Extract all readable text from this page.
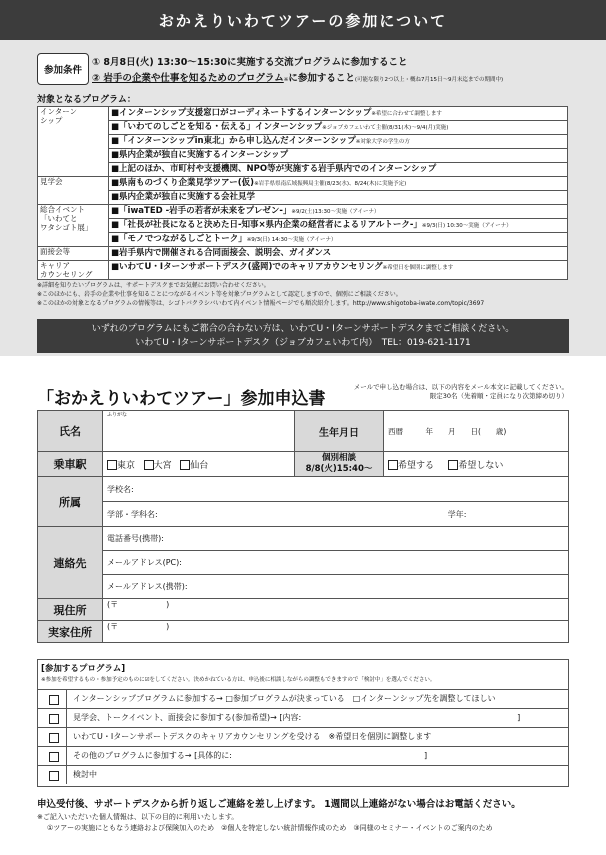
おかえりいわてツアーの参加について
参加条件
① 8月8日(火) 13:30〜15:30に実施する交流プログラムに参加すること
② 岩手の企業や仕事を知るためのプログラム※に参加すること(可能な限り2つ以上・概ね7月15日〜9月末迄までの期間中)
対象となるプログラム：
インターン
シップ	■インターンシップ支援窓口がコーディネートするインターンシップ※希望に合わせて調整します

	■「いわてのしごとを知る・伝える」インターンシップ※ジョブカフェいわて主催(8/31(木)〜9/4(月)実施)

	■「インターンシップin東北」から申し込んだインターンシップ※対象大学の学生の方

	■県内企業が独自に実施するインターンシップ

	■上記のほか、市町村や支援機関、NPO等が実施する岩手県内でのインターンシップ

見学会	■県南ものづくり企業見学ツアー(仮)※岩手県県南広域振興局主催(8/23(水)、8/24(木)に実施予定)

	■県内企業が独自に実施する会社見学

総合イベント
「いわてと
ワタシゴト展」	■「iwaTED -岩手の若者が未来をプレゼン-」※9/2(土)13:30〜実施（アイーナ）

	■「社長が社長になると決めた日-知事×県内企業の経営者によるリアルトーク-」※9/3(日) 10:30〜実施（アイーナ）

	■「モノでつながるしごとトーク」※9/3(日) 14:30〜実施（アイーナ）

面接会等	■岩手県内で開催される合同面接会、説明会、ガイダンス

キャリア
カウンセリング	■いわてU・Iターンサポートデスク(盛岡)でのキャリアカウンセリング※希望日を個別に調整します
※詳細を知りたいプログラムは、サポートデスクまでお気軽にお問い合わせください。
※このほかにも、岩手の企業や仕事を知ることにつながるイベント等を対象プログラムとして認定しますので、個別にご相談ください。
※このほかの対象となるプログラムの情報等は、シゴトバクラシバいわて内イベント情報ページでも順次紹介します。http://www.shigotoba-iwate.com/topic/3697
いずれのプログラムにもご都合の合わない方は、いわてU・Iターンサポートデスクまでご相談ください。
いわてU・Iターンサポートデスク（ジョブカフェいわて内）　TEL：019-621-1171
「おかえりいわてツアー」参加申込書
メールで申し込む場合は、以下の内容をメール本文に記載してください。
限定30名（先着順・定員になり次第締め切り）
氏名	ふりがな	生年月日	西暦　　　年　　月　　日(　　歳)
乗車駅	東京 大宮 仙台	個別相談
8/8(火)15:40〜	希望する 希望しない
所属	学校名:		
	学部・学科名: 学年:		
連絡先	電話番号(携帯):		
	メールアドレス(PC):		
	メールアドレス(携帯):		
現住所	(〒　　　　　　)		
実家住所	(〒　　　　　　)		
[参加するプログラム]
※参加を希望するもの・参加予定のものに☑をしてください。決めかねている方は、申込後に相談しながらの調整もできますので「検討中」を選んでください。
インターンシッププログラムに参加する→ □参加プログラムが決まっている　□インターンシップ先を調整してほしい
見学会、トークイベント、面接会に参加する(参加希望)→ [内容:　　　　　　　　　　　　　　　　　　　　　　　　　　　]
いわてU・Iターンサポートデスクのキャリアカウンセリングを受ける　※希望日を個別に調整します
その他のプログラムに参加する→ [具体的に:　　　　　　　　　　　　　　　　　　　　　　　　]
検討中
申込受付後、サポートデスクから折り返しご連絡を差し上げます。 1週間以上連絡がない場合はお電話ください。
※ご記入いただいた個人情報は、以下の目的に利用いたします。
①ツアーの実施にともなう連絡および保険加入のため　②個人を特定しない統計情報作成のため　③同様のセミナー・イベントのご案内のため
